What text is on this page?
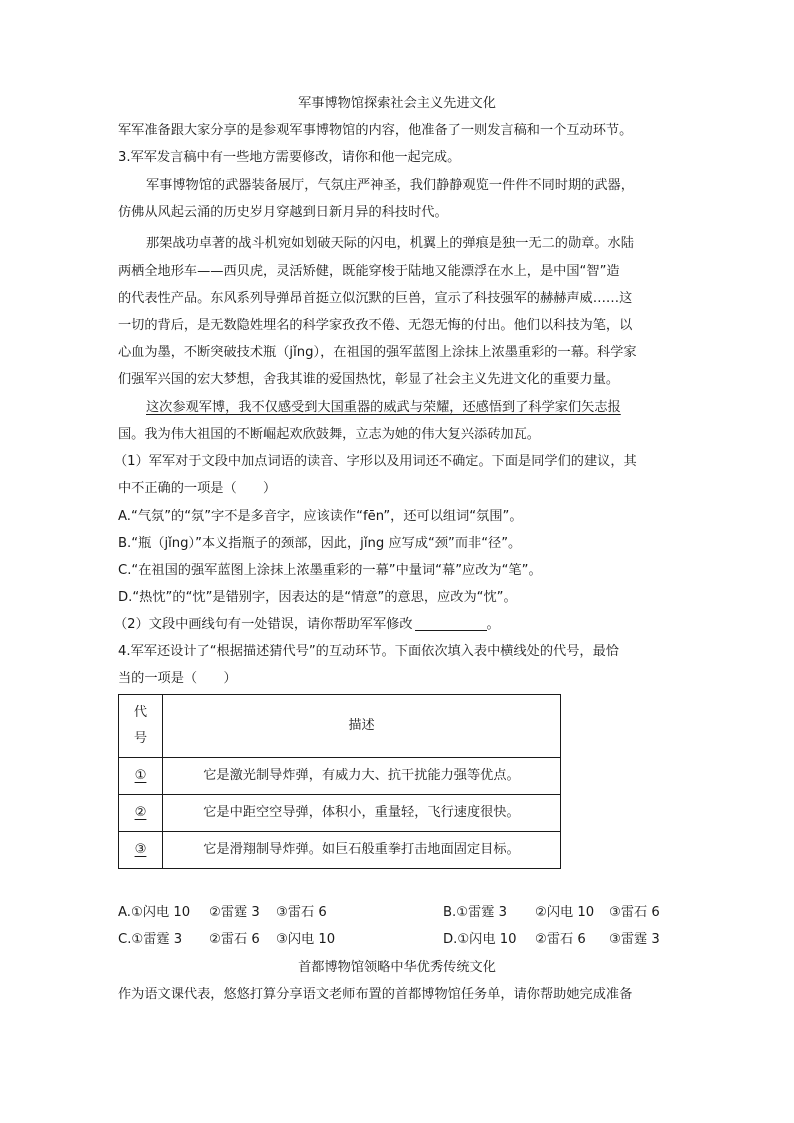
军事博物馆探索社会主义先进文化
军军准备跟大家分享的是参观军事博物馆的内容，他准备了一则发言稿和一个互动环节。
3.军军发言稿中有一些地方需要修改，请你和他一起完成。
军事博物馆的武器装备展厅，气氛庄严神圣，我们静静观览一件件不同时期的武器，
仿佛从风起云涌的历史岁月穿越到日新月异的科技时代。
那架战功卓著的战斗机宛如划破天际的闪电，机翼上的弹痕是独一无二的勋章。水陆
两栖全地形车——西贝虎，灵活矫健，既能穿梭于陆地又能漂浮在水上，是中国“智”造
的代表性产品。东风系列导弹昂首挺立似沉默的巨兽，宣示了科技强军的赫赫声威……这
一切的背后，是无数隐姓埋名的科学家孜孜不倦、无怨无悔的付出。他们以科技为笔，以
心血为墨，不断突破技术瓶（jǐng），在祖国的强军蓝图上涂抹上浓墨重彩的一幕。科学家
们强军兴国的宏大梦想，舍我其谁的爱国热忱，彰显了社会主义先进文化的重要力量。
这次参观军博，我不仅感受到大国重器的威武与荣耀，还感悟到了科学家们矢志报
国。我为伟大祖国的不断崛起欢欣鼓舞，立志为她的伟大复兴添砖加瓦。
（1）军军对于文段中加点词语的读音、字形以及用词还不确定。下面是同学们的建议，其
中不正确的一项是（　　）
A.“气氛”的“氛”字不是多音字，应该读作“fēn”，还可以组词“氛围”。
B.“瓶（jǐng）”本义指瓶子的颈部，因此，jǐng 应写成“颈”而非“径”。
C.“在祖国的强军蓝图上涂抹上浓墨重彩的一幕”中量词“幕”应改为“笔”。
D.“热忱”的“忱”是错别字，因表达的是“情意”的意思，应改为“忱”。
（2）文段中画线句有一处错误，请你帮助军军修改	。
4.军军还设计了“根据描述猜代号”的互动环节。下面依次填入表中横线处的代号，最恰
当的一项是（　　）
代
号	描述
①	它是激光制导炸弹，有威力大、抗干扰能力强等优点。
②	它是中距空空导弹，体积小，重量轻，飞行速度很快。
③	它是滑翔制导炸弹。如巨石般重拳打击地面固定目标。
A.①闪电 10 ②雷霆 3 ③雷石 6	B.①雷霆 3 ②闪电 10 ③雷石 6
C.①雷霆 3 ②雷石 6 ③闪电 10	D.①闪电 10 ②雷石 6 ③雷霆 3
首都博物馆领略中华优秀传统文化
作为语文课代表，悠悠打算分享语文老师布置的首都博物馆任务单，请你帮助她完成准备
